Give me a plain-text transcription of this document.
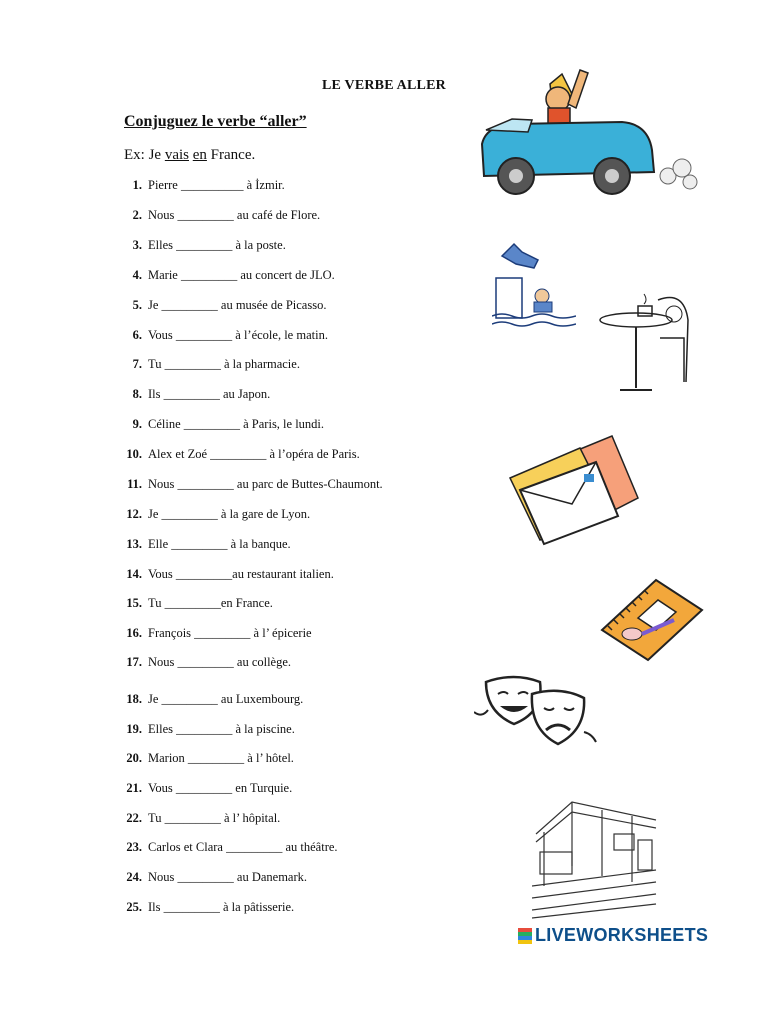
LE VERBE ALLER
Conjuguez le verbe “aller”
Ex: Je vais en France.
1. Pierre __________ à İzmir.
2. Nous _________ au café de Flore.
3. Elles _________ à la poste.
4. Marie _________ au concert de JLO.
5. Je _________ au musée de Picasso.
6. Vous _________ à l’école, le matin.
7. Tu _________ à la pharmacie.
8. Ils _________ au Japon.
9. Céline _________ à Paris, le lundi.
10. Alex et Zoé _________ à l’opéra de Paris.
11. Nous _________ au parc de Buttes-Chaumont.
12. Je _________ à la gare de Lyon.
13. Elle _________ à la banque.
14. Vous _________au restaurant italien.
15. Tu _________en France.
16. François _________ à l’ épicerie
17. Nous _________ au collège.
18. Je _________ au Luxembourg.
19. Elles _________ à la piscine.
20. Marion _________ à l’ hôtel.
21. Vous _________ en Turquie.
22. Tu _________ à l’ hôpital.
23. Carlos et Clara _________ au théâtre.
24. Nous _________ au Danemark.
25. Ils _________ à la pâtisserie.
LIVEWORKSHEETS
